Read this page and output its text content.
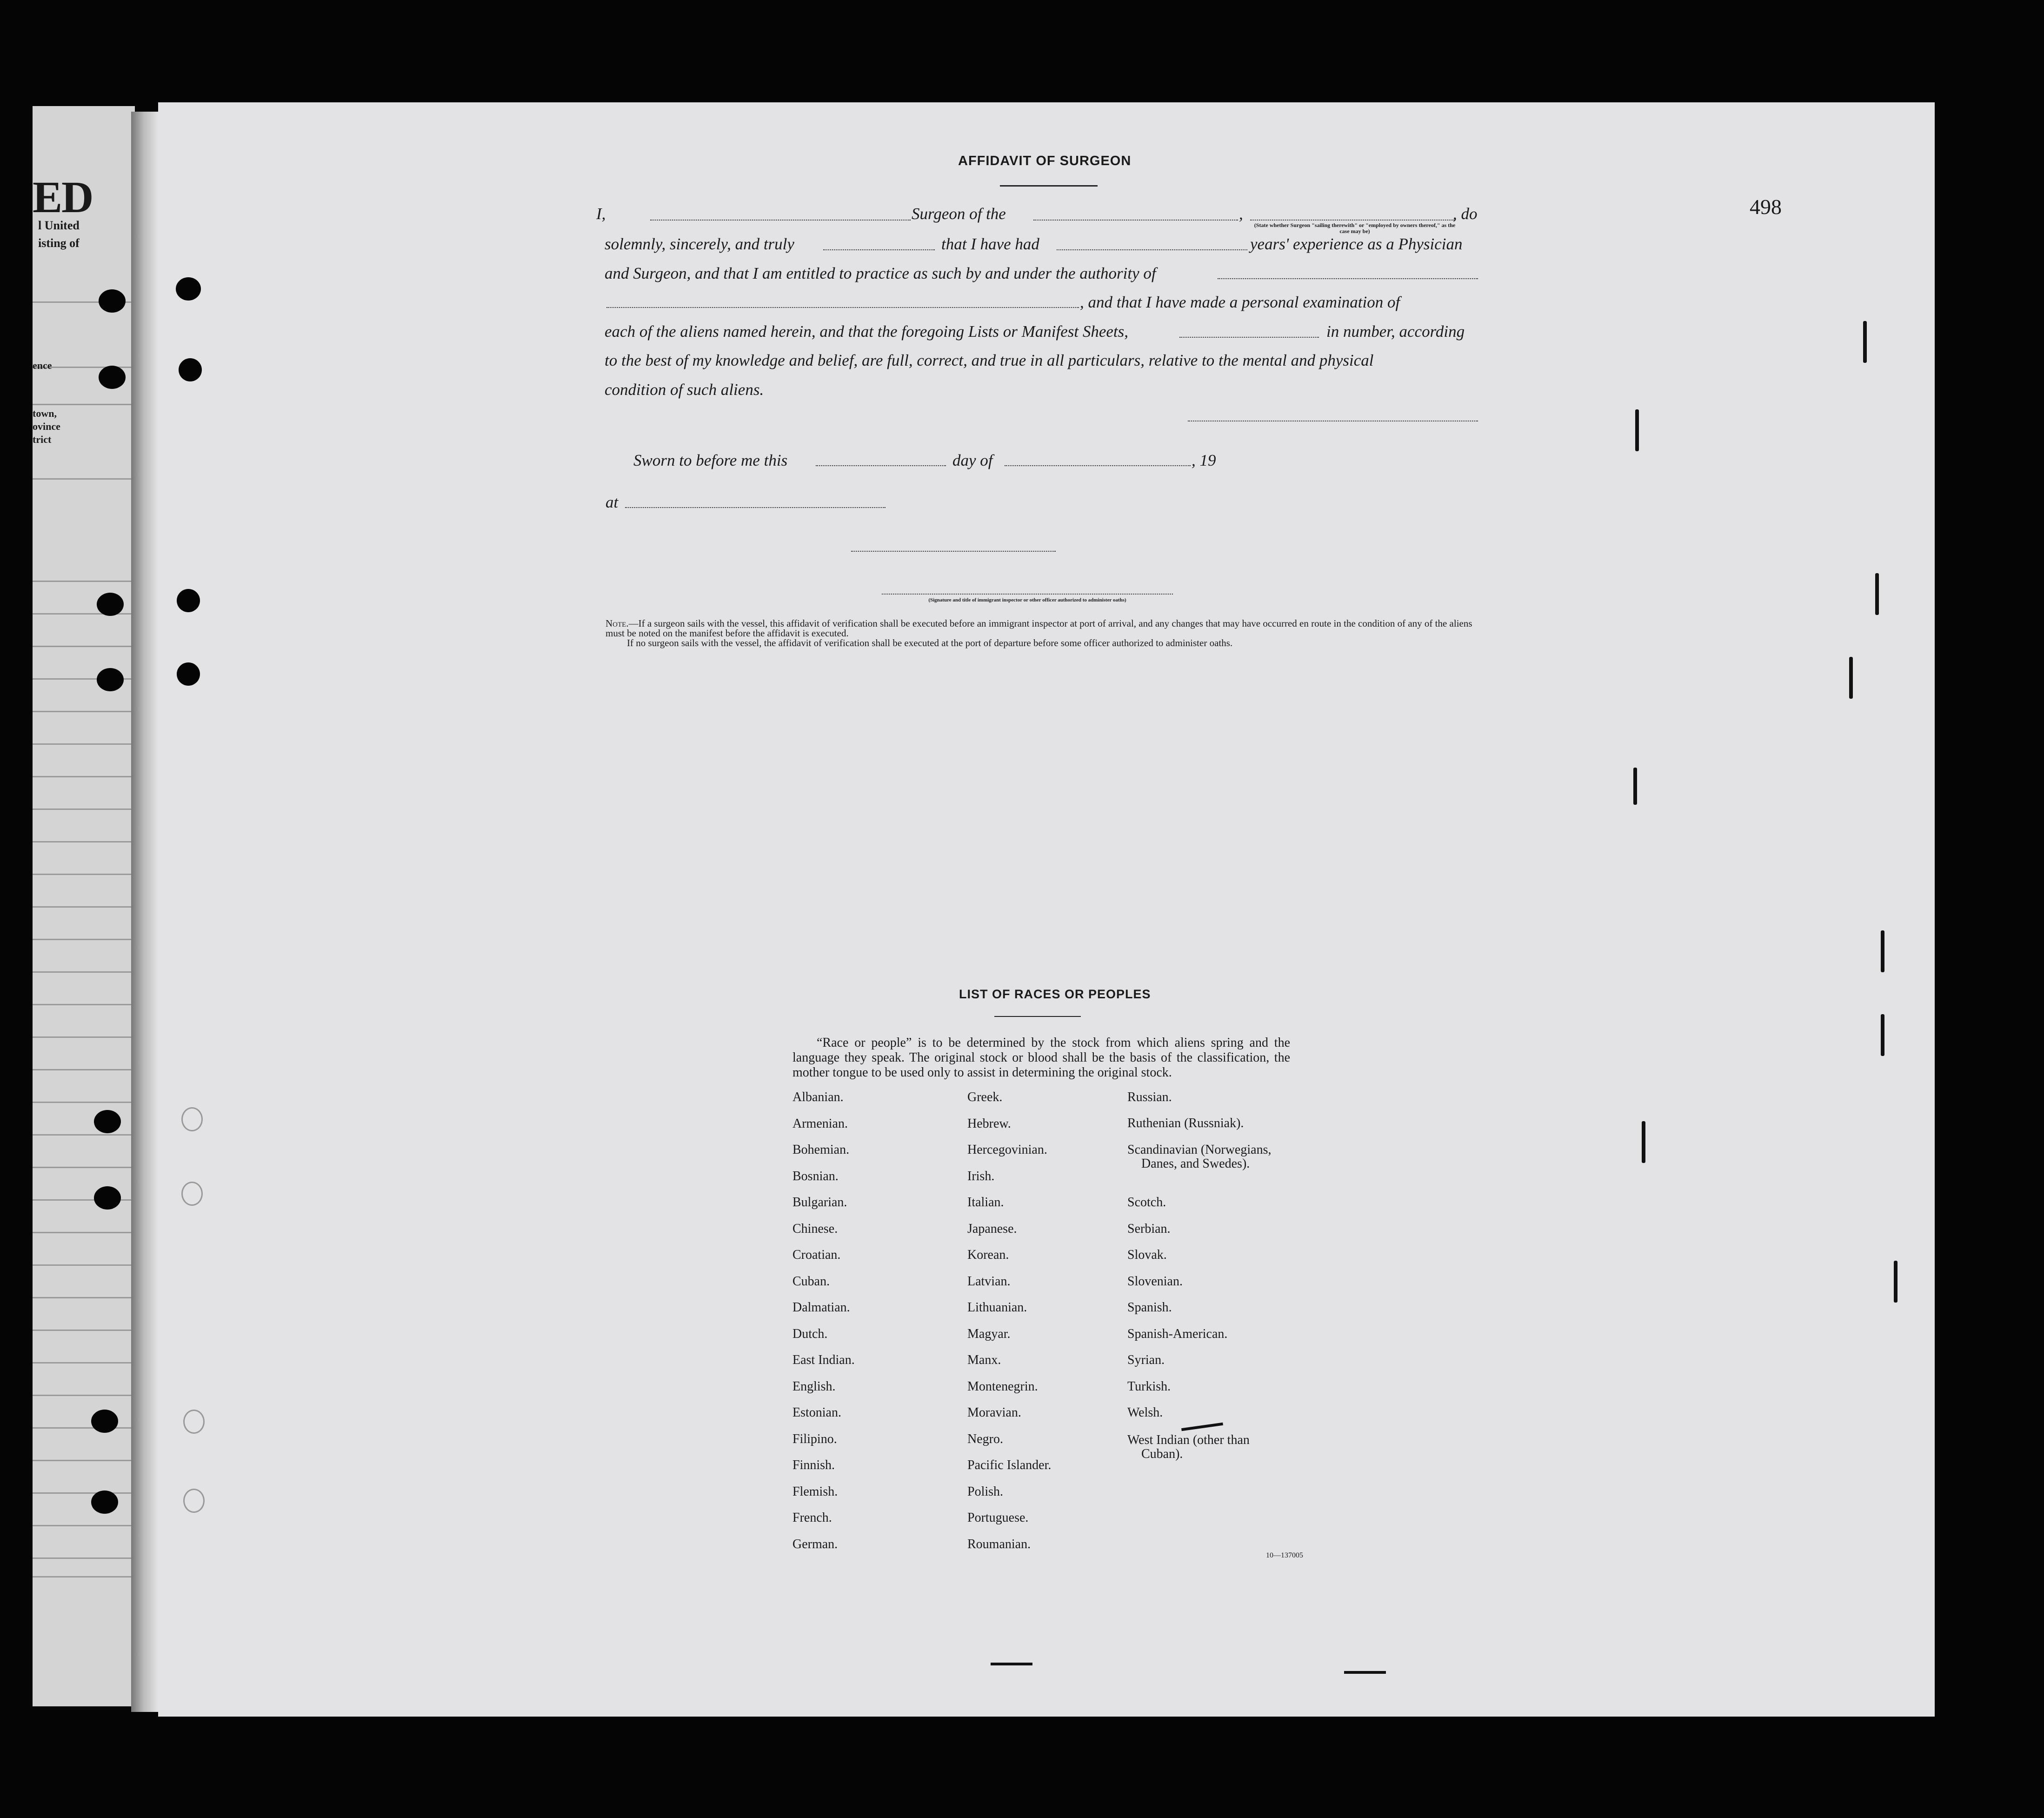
ED
l United
isting of
ence
town,
ovince
trict
498
AFFIDAVIT OF SURGEON
I,	Surgeon of the	,
(State whether Surgeon "sailing therewith" or "employed by owners thereof," as the case may be)
, do
solemnly, sincerely, and truly	that I have had	years' experience as a Physician
and Surgeon, and that I am entitled to practice as such by and under the authority of
, and that I have made a personal examination of
each of the aliens named herein, and that the foregoing Lists or Manifest Sheets,	in number, according
to the best of my knowledge and belief, are full, correct, and true in all particulars, relative to the mental and physical
condition of such aliens.
Sworn to before me this	day of	, 19
at
(Signature and title of immigrant inspector or other officer authorized to administer oaths)
Note.—If a surgeon sails with the vessel, this affidavit of verification shall be executed before an immigrant inspector at port of arrival, and any changes that may have occurred en route in the condition of any of the aliens must be noted on the manifest before the affidavit is executed.
If no surgeon sails with the vessel, the affidavit of verification shall be executed at the port of departure before some officer authorized to administer oaths.
LIST OF RACES OR PEOPLES
“Race or people” is to be determined by the stock from which aliens spring and the language they speak. The original stock or blood shall be the basis of the classification, the mother tongue to be used only to assist in determining the original stock.
Albanian.
Armenian.
Bohemian.
Bosnian.
Bulgarian.
Chinese.
Croatian.
Cuban.
Dalmatian.
Dutch.
East Indian.
English.
Estonian.
Filipino.
Finnish.
Flemish.
French.
German.
Greek.
Hebrew.
Hercegovinian.
Irish.
Italian.
Japanese.
Korean.
Latvian.
Lithuanian.
Magyar.
Manx.
Montenegrin.
Moravian.
Negro.
Pacific Islander.
Polish.
Portuguese.
Roumanian.
Russian.
Ruthenian (Russniak).
Scandinavian (Norwegians,
Danes, and Swedes).
Scotch.
Serbian.
Slovak.
Slovenian.
Spanish.
Spanish-American.
Syrian.
Turkish.
Welsh.
West Indian (other than
Cuban).
10—137005
